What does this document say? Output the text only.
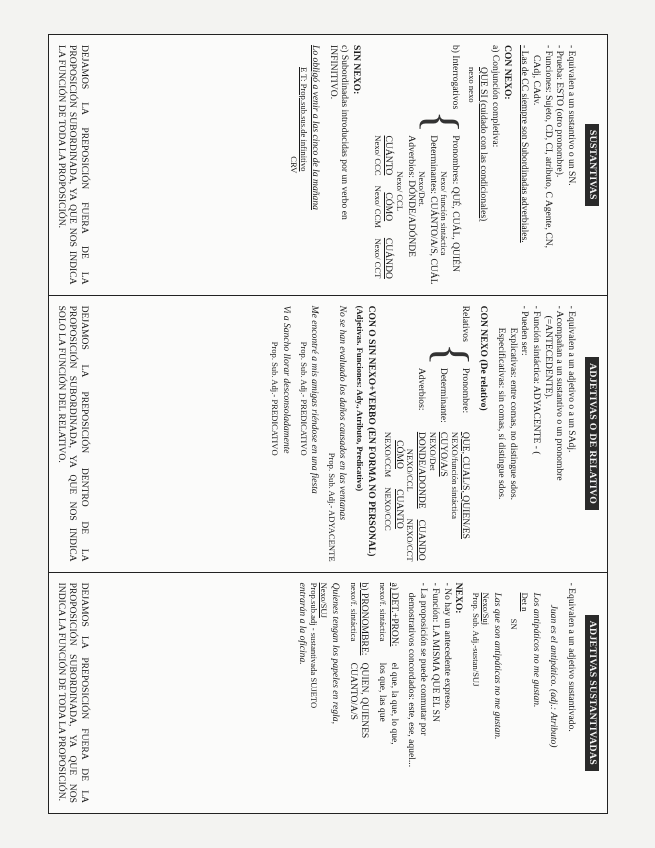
SUSTANTIVAS
- Equivalen a un sustantivo o un SN.
- Prueba: ESTO (otro pronombre).
- Funciones: Sujeto, CD, CI, atributo, C Agente, CN,
CAdj, CAdv.
- Las de CC siempre son Subordinadas adverbiales.
CON NEXO:
a) Conjunción completiva:
QUE SI (cuidado con las condicionales)
nexo nexo
b) Interrogativos
{
Pronombres: QUÉ, CUÁL, QUIÉN
Nexo/ función sintáctica
Determinantes: CUÁNTO/A/S, CUÁL
Nexo/Det.
Adverbios: DÓNDE/ADÓNDE
Nexo/ CCL
CUÁNTO
Nexo/ CCC
CÓMO
Nexo/ CCM
CUÁNDO
Nexo/ CCT
SIN NEXO:
c) Subordinadas introducidas por un verbo en
INFINITIVO.
Lo obligó a venir a las cinco de la mañana
E T: Prop.sub.sus.de infinitivo
CRV
DEJAMOS LA PREPOSICIÓN FUERA DE LA PROPOSICIÓN SUBORDINADA, YA QUE NOS INDICA LA FUNCIÓN DE TODA LA PROPOSICIÓN.
ADJETIVAS O DE RELATIVO
- Equivalen a un adjetivo o a un SAdj.
- Acompañan a un sustantivo o un pronombre
(=ANTECEDENTE).
- Función sintáctica: ADYACENTE - (
- Pueden ser:
Explicativas: entre comas, no distingue sdos.
Especificativas: sin comas, sí distingue sdos.
CON NEXO (De relativo)
Relativos
{
Pronombre:
QUE, CUAL/S, QUIEN/ES
NEXO/función sintáctica
Determinante:
CUYO/A/S
NEXO/Det
Adverbios:
DONDE/ADONDE
NEXO/CCL
CUANDO
NEXO/CCT
CÓMO
NEXO/CCM
CUANTO
NEXO/CCC
CON O SIN NEXO+VERBO (EN FORMA NO PERSONAL)
(Adjetivas. Funciones: Ady., Atributo, Predicativo)
No se han evaluado los daños causados en las ventanas
Prop. Sub. Adj.- ADYACENTE
Me encontré a mis amigas riéndose en una fiesta
Prop. Sub. Adj.- PREDICATIVO
Vi a Sancho llorar desconsoladamente
Prop. Sub. Adj.- PREDICATIVO
DEJAMOS LA PREPOSICIÓN DENTRO DE LA PROPOSICIÓN SUBORDINADA, YA QUE NOS INDICA SOLO LA FUNCIÓN DEL RELATIVO.
ADJETIVAS SUSTANTIVADAS
- Equivalen a un adjetivo sustantivado.
Juan es el antipático. (adj.: Atributo)
Los antipáticos no me gustan.
Det n
SN
Las que son antipáticas no me gustan.
Nexo/Suj
Prop. Sub. Adj.-sustan/SUJ
NEXO:
- No hay un antecedente expreso.
- Función: LA MISMA QUE EL SN
- La proposición se puede conmutar por
demostrativos concordados: este, ese, aquel...
a) DET.+PRON:
el que, la que, lo que,
nexo/f. sintáctica
los que, las que
b) PRONOMBRE:
QUIEN, QUIENES
nexo/f. sintáctica
CUANTO/A/S
Quienes tengan los papeles en regla,
Nexo/SUJ
Prop.sub.adj - sustantivada SUJETO
entrarán a la oficina.
DEJAMOS LA PREPOSICIÓN FUERA DE LA PROPOSICIÓN SUBORDINADA, YA QUE NOS INDICA LA FUNCIÓN DE TODA LA PROPOSICIÓN.
